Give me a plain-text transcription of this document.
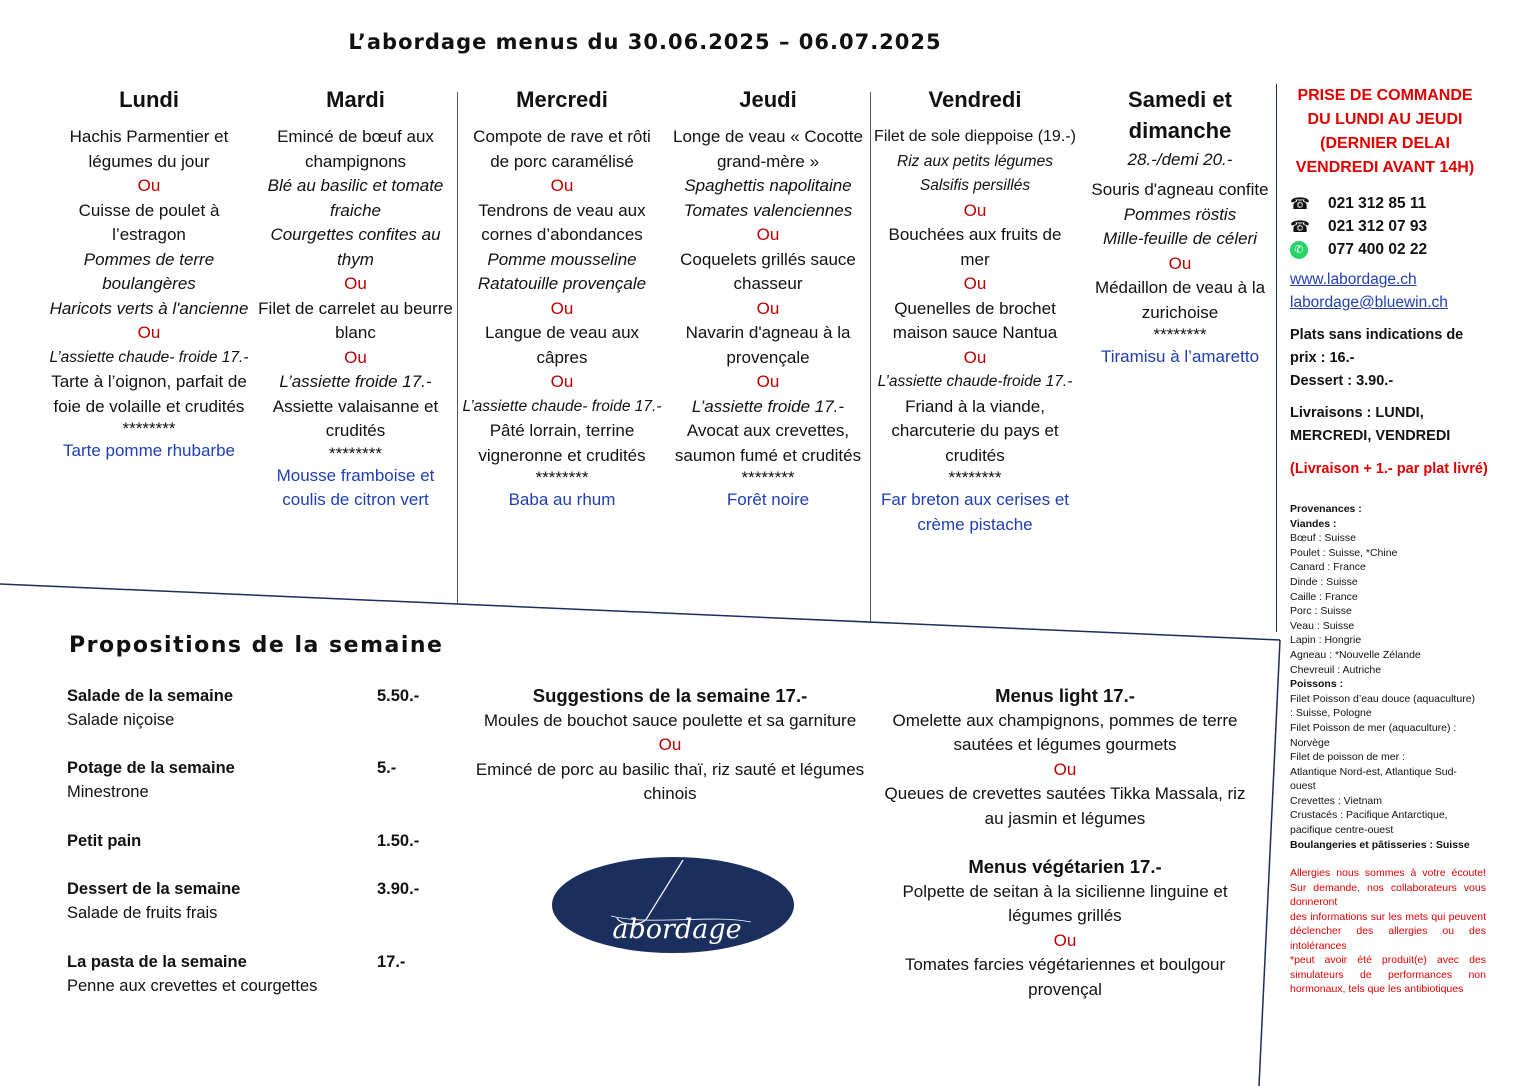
L’abordage menus du 30.06.2025 – 06.07.2025
Lundi
Hachis Parmentier et
légumes du jour
Ou
Cuisse de poulet à
l’estragon
Pommes de terre
boulangères
Haricots verts à l'ancienne
Ou
L’assiette chaude- froide 17.-
Tarte à l’oignon, parfait de
foie de volaille et crudités
********
Tarte pomme rhubarbe
Mardi
Emincé de bœuf aux
champignons
Blé au basilic et tomate
fraiche
Courgettes confites au
thym
Ou
Filet de carrelet au beurre
blanc
Ou
L’assiette froide 17.-
Assiette valaisanne et
crudités
********
Mousse framboise et
coulis de citron vert
Mercredi
Compote de rave et rôti
de porc caramélisé
Ou
Tendrons de veau aux
cornes d’abondances
Pomme mousseline
Ratatouille provençale
Ou
Langue de veau aux
câpres
Ou
L’assiette chaude- froide 17.-
Pâté lorrain, terrine
vigneronne et crudités
********
Baba au rhum
Jeudi
Longe de veau « Cocotte
grand-mère »
Spaghettis napolitaine
Tomates valenciennes
Ou
Coquelets grillés sauce
chasseur
Ou
Navarin d'agneau à la
provençale
Ou
L’assiette froide 17.-
Avocat aux crevettes,
saumon fumé et crudités
********
Forêt noire
Vendredi
Filet de sole dieppoise (19.-)
Riz aux petits légumes
Salsifis persillés
Ou
Bouchées aux fruits de
mer
Ou
Quenelles de brochet
maison sauce Nantua
Ou
L’assiette chaude-froide 17.-
Friand à la viande,
charcuterie du pays et
crudités
********
Far breton aux cerises et
crème pistache
Samedi et dimanche
28.-/demi 20.-
Souris d'agneau confite
Pommes röstis
Mille-feuille de céleri
Ou
Médaillon de veau à la
zurichoise
********
Tiramisu à l’amaretto
PRISE DE COMMANDE
DU LUNDI AU JEUDI
(DERNIER DELAI
VENDREDI AVANT 14H)
☎	021 312 85 11
☎	021 312 07 93
✆	077 400 02 22
www.labordage.ch
labordage@bluewin.ch
Plats sans indications de
prix : 16.-
Dessert : 3.90.-
Livraisons : LUNDI,
MERCREDI, VENDREDI
(Livraison + 1.- par plat livré)
Provenances :
Viandes :
Bœuf : Suisse
Poulet : Suisse, *Chine
Canard : France
Dinde : Suisse
Caille : France
Porc : Suisse
Veau : Suisse
Lapin : Hongrie
Agneau : *Nouvelle Zélande
Chevreuil : Autriche
Poissons :
Filet Poisson d’eau douce (aquaculture)
: Suisse, Pologne
Filet Poisson de mer (aquaculture) :
Norvège
Filet de poisson de mer :
Atlantique Nord-est, Atlantique Sud-
ouest
Crevettes : Vietnam
Crustacés : Pacifique Antarctique,
pacifique centre-ouest
Boulangeries et pâtisseries : Suisse
Allergies nous sommes à votre écoute! Sur demande, nos collaborateurs vous donneront
des informations sur les mets qui peuvent déclencher des allergies ou des intolérances
*peut avoir été produit(e) avec des simulateurs de performances non hormonaux, tels que les antibiotiques
Propositions de la semaine
Salade de la semaine	5.50.-
Salade niçoise
Potage de la semaine	5.-
Minestrone
Petit pain	1.50.-
Dessert de la semaine	3.90.-
Salade de fruits frais
La pasta de la semaine	17.-
Penne aux crevettes et courgettes
Suggestions de la semaine 17.-
Moules de bouchot sauce poulette et sa garniture
Ou
Emincé de porc au basilic thaï, riz sauté et légumes
chinois
Menus light 17.-
Omelette aux champignons, pommes de terre
sautées et légumes gourmets
Ou
Queues de crevettes sautées Tikka Massala, riz
au jasmin et légumes
Menus végétarien 17.-
Polpette de seitan à la sicilienne linguine et
légumes grillés
Ou
Tomates farcies végétariennes et boulgour
provençal
abordage
